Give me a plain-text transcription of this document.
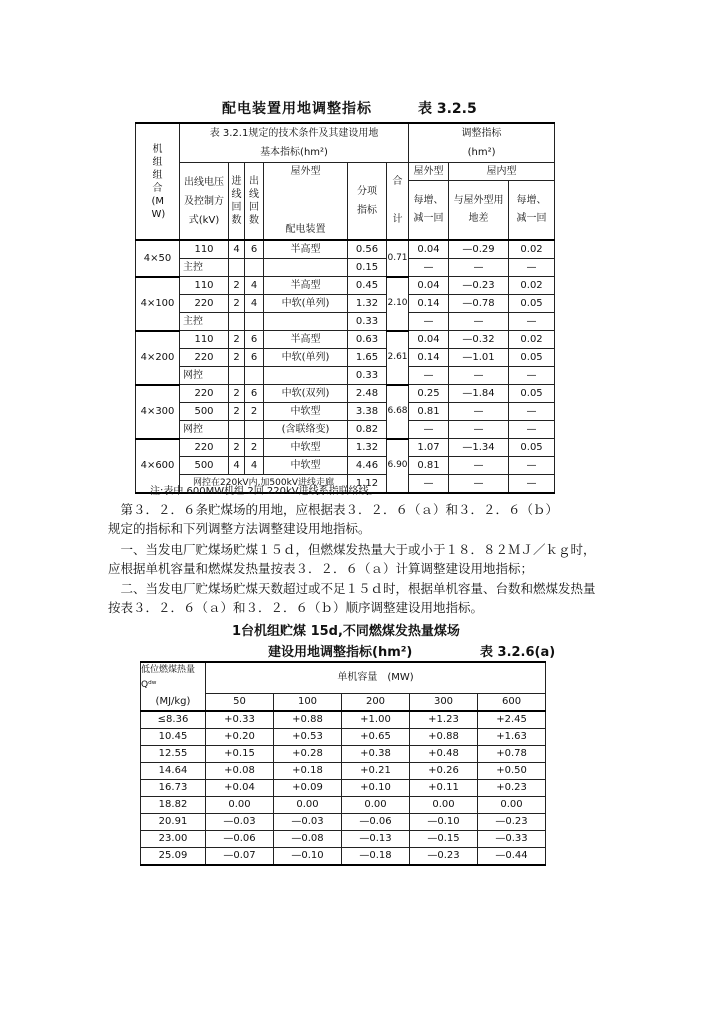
配电装置用地调整指标	表 3.2.5
机组组合(MW)	表 3.2.1规定的技术条件及其建设用地						调整指标		
	基本指标(hm²)						(hm²)		
	出线电压及控制方式(kV)	进线回数	出线回数	屋外型	分项指标	合计	屋外型	屋内型	
							每增、减一回	与屋外型用地差	每增、减一回
				配电装置					
4×50	110	4	6	半高型	0.56	0.71	0.04	—0.29	0.02
	主控				0.15		—	—	—
4×100	110	2	4	半高型	0.45	2.10	0.04	—0.23	0.02
	220	2	4	中软(单列)	1.32		0.14	—0.78	0.05
	主控				0.33		—	—	—
4×200	110	2	6	半高型	0.63	2.61	0.04	—0.32	0.02
	220	2	6	中软(单列)	1.65		0.14	—1.01	0.05
	网控				0.33		—	—	—
4×300	220	2	6	中软(双列)	2.48	6.68	0.25	—1.84	0.05
	500	2	2	中软型	3.38		0.81	—	—
	网控			(含联络变)	0.82		—	—	—
4×600	220	2	2	中软型	1.32	6.90	1.07	—1.34	0.05
	500	4	4	中软型	4.46		0.81	—	—
	网控在220kV内,加500kV进线走廊				1.12		—	—	—
注:表中 600MW机组 2回 220kV进线系指联络线。
　第３．２．６条贮煤场的用地，应根据表３．２．６（ａ）和３．２．６（ｂ）
规定的指标和下列调整方法调整建设用地指标。
　一、当发电厂贮煤场贮煤１５ｄ，但燃煤发热量大于或小于１８．８２ＭＪ／ｋｇ时，
应根据单机容量和燃煤发热量按表３．２．６（ａ）计算调整建设用地指标；
　二、当发电厂贮煤场贮煤天数超过或不足１５ｄ时，根据单机容量、台数和燃煤发热量
按表３．２．６（ａ）和３．２．６（ｂ）顺序调整建设用地指标。
1台机组贮煤 15d,不同燃煤发热量煤场
建设用地调整指标(hm²)	表 3.2.6(a)
低位燃煤热量Qᵈʷ	单机容量　(MW)				
(MJ/kg)	50	100	200	300	600
≤8.36	+0.33	+0.88	+1.00	+1.23	+2.45
10.45	+0.20	+0.53	+0.65	+0.88	+1.63
12.55	+0.15	+0.28	+0.38	+0.48	+0.78
14.64	+0.08	+0.18	+0.21	+0.26	+0.50
16.73	+0.04	+0.09	+0.10	+0.11	+0.23
18.82	0.00	0.00	0.00	0.00	0.00
20.91	—0.03	—0.03	—0.06	—0.10	—0.23
23.00	—0.06	—0.08	—0.13	—0.15	—0.33
25.09	—0.07	—0.10	—0.18	—0.23	—0.44
